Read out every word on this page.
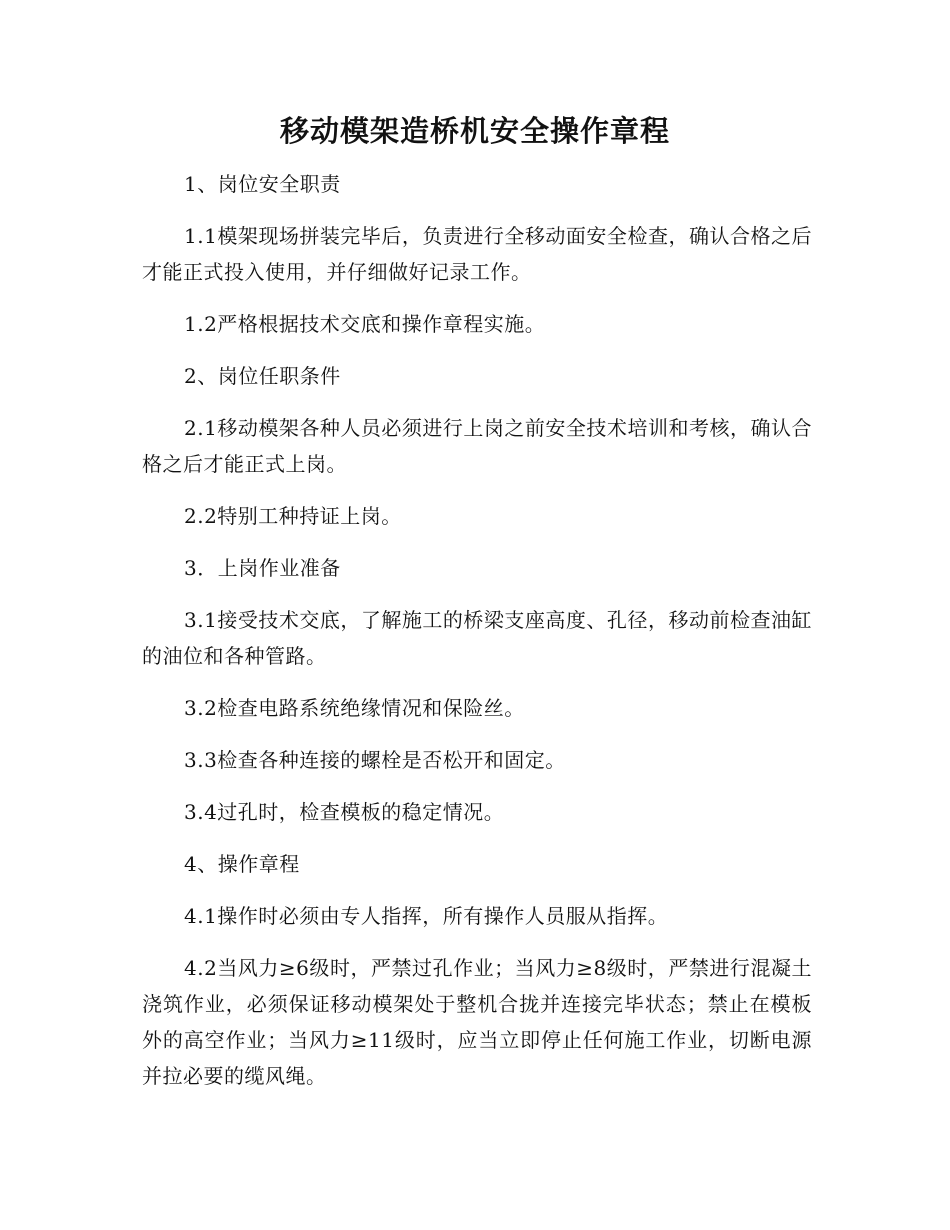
移动模架造桥机安全操作章程

1、岗位安全职责

1.1模架现场拼装完毕后，负责进行全移动面安全检查，确认合格之后才能正式投入使用，并仔细做好记录工作。

1.2严格根据技术交底和操作章程实施。

2、岗位任职条件

2.1移动模架各种人员必须进行上岗之前安全技术培训和考核，确认合格之后才能正式上岗。

2.2特别工种持证上岗。

3．上岗作业准备

3.1接受技术交底，了解施工的桥梁支座高度、孔径，移动前检查油缸的油位和各种管路。

3.2检查电路系统绝缘情况和保险丝。

3.3检查各种连接的螺栓是否松开和固定。

3.4过孔时，检查模板的稳定情况。

4、操作章程

4.1操作时必须由专人指挥，所有操作人员服从指挥。

4.2当风力≥6级时，严禁过孔作业；当风力≥8级时，严禁进行混凝土浇筑作业，必须保证移动模架处于整机合拢并连接完毕状态；禁止在模板外的高空作业；当风力≥11级时，应当立即停止任何施工作业，切断电源并拉必要的缆风绳。
